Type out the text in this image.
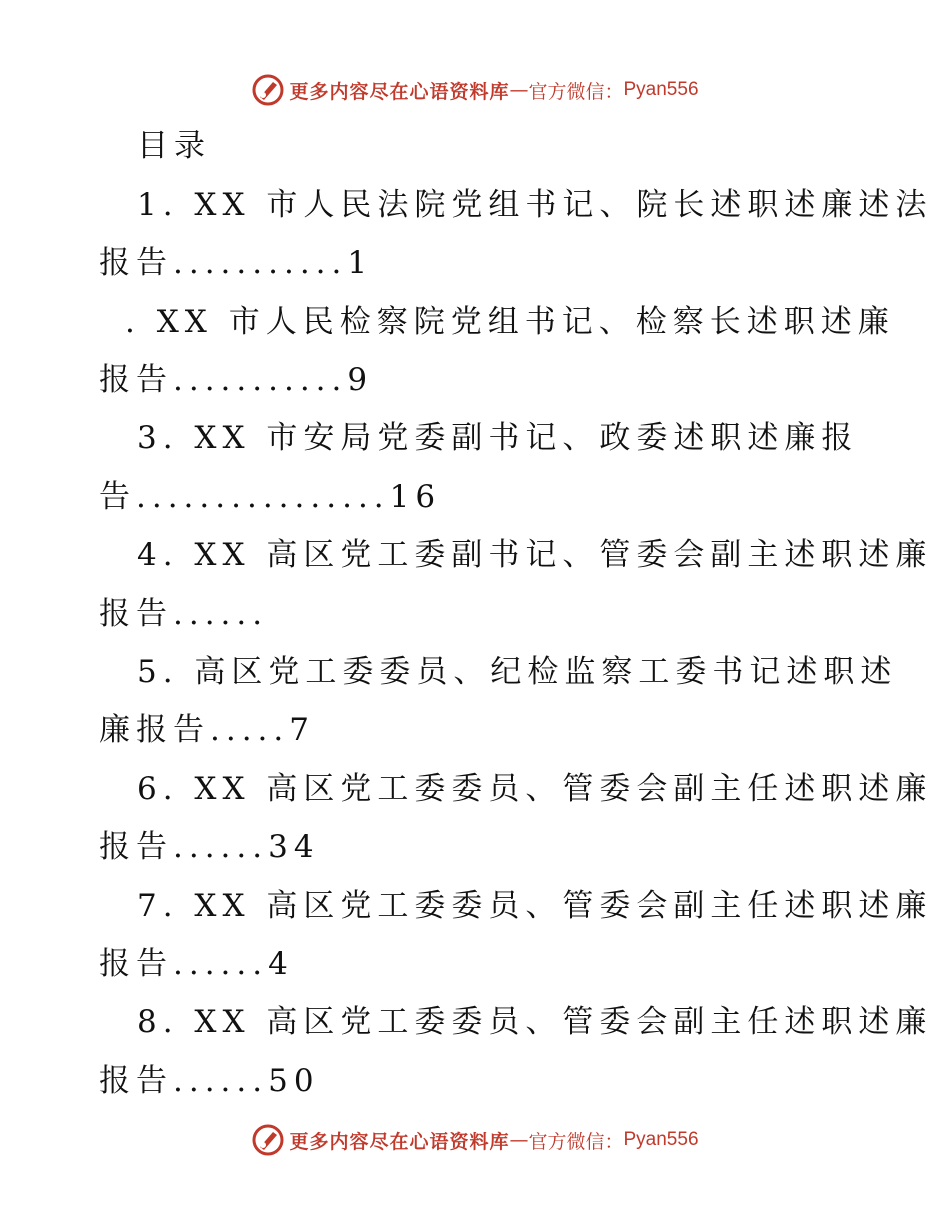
更多内容尽在心语资料库 — 官方微信： Pyan556
目录
1. XX 市人民法院党组书记、院长述职述廉述法
报告...........1
. XX 市人民检察院党组书记、检察长述职述廉
报告...........9
3. XX 市安局党委副书记、政委述职述廉报
告................16
4. XX 高区党工委副书记、管委会副主述职述廉
报告......
5. 高区党工委委员、纪检监察工委书记述职述
廉报告.....7
6. XX 高区党工委委员、管委会副主任述职述廉
报告......34
7. XX 高区党工委委员、管委会副主任述职述廉
报告......4
8. XX 高区党工委委员、管委会副主任述职述廉
报告......50
更多内容尽在心语资料库 — 官方微信： Pyan556
